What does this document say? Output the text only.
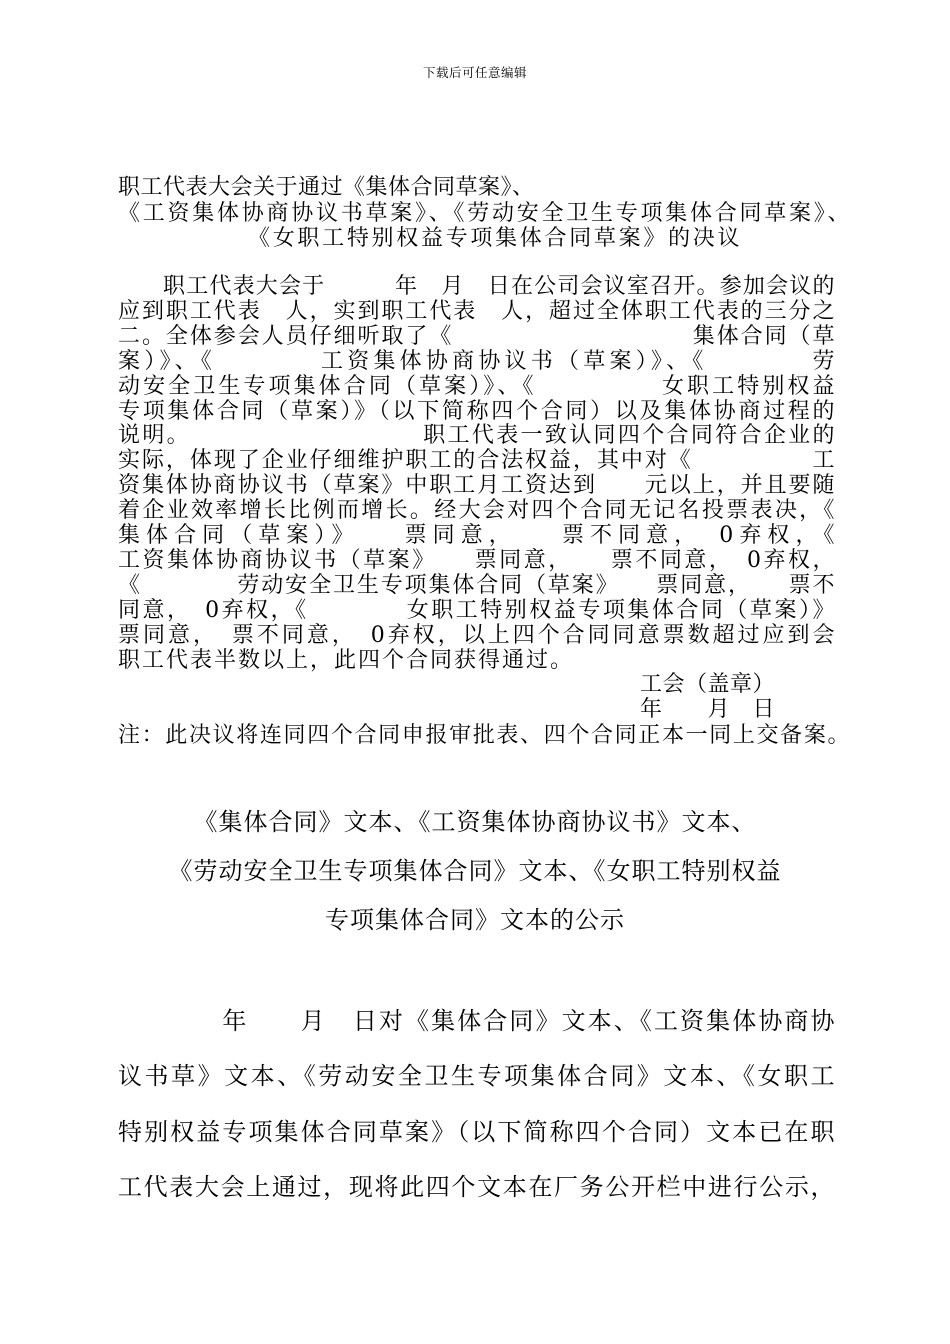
下载后可任意编辑
职工代表大会关于通过《集体合同草案》、
《工资集体协商协议书草案》、《劳动安全卫生专项集体合同草案》、
《女职工特别权益专项集体合同草案》的决议
职工代表大会于　　　年　月　日在公司会议室召开。参加会议的
应到职工代表　人，实到职工代表　人，超过全体职工代表的三分之
二。全体参会人员仔细听取了《　　　　　　　　　　集体合同（草
案）》、《　　　　工资集体协商协议书（草案）》、《　　　　劳
动安全卫生专项集体合同（草案）》、《　　　　　女职工特别权益
专项集体合同（草案）》（以下简称四个合同）以及集体协商过程的
说明。　　　　　　　　　　职工代表一致认同四个合同符合企业的
实际，体现了企业仔细维护职工的合法权益，其中对《　　　　　工
资集体协商协议书（草案》中职工月工资达到　　元以上，并且要随
着企业效率增长比例而增长。经大会对四个合同无记名投票表决，《
集体合同（草案）》　　票同意，　　票不同意，　0弃权，《
工资集体协商协议书（草案》　　票同意，　　票不同意，　0弃权，
《　　　　劳动安全卫生专项集体合同（草案》　　票同意，　　票不
同意，　0弃权，《　　　　女职工特别权益专项集体合同（草案）》
票同意，　票不同意，　0弃权，以上四个合同同意票数超过应到会
职工代表半数以上，此四个合同获得通过。
工会（盖章）
年　　月　日
注：此决议将连同四个合同申报审批表、四个合同正本一同上交备案。
《集体合同》文本、《工资集体协商协议书》文本、
《劳动安全卫生专项集体合同》文本、《女职工特别权益
专项集体合同》文本的公示
　　　　年　　月　日对《集体合同》文本、《工资集体协商协
议书草》文本、《劳动安全卫生专项集体合同》文本、《女职工
特别权益专项集体合同草案》（以下简称四个合同）文本已在职
工代表大会上通过，现将此四个文本在厂务公开栏中进行公示，
